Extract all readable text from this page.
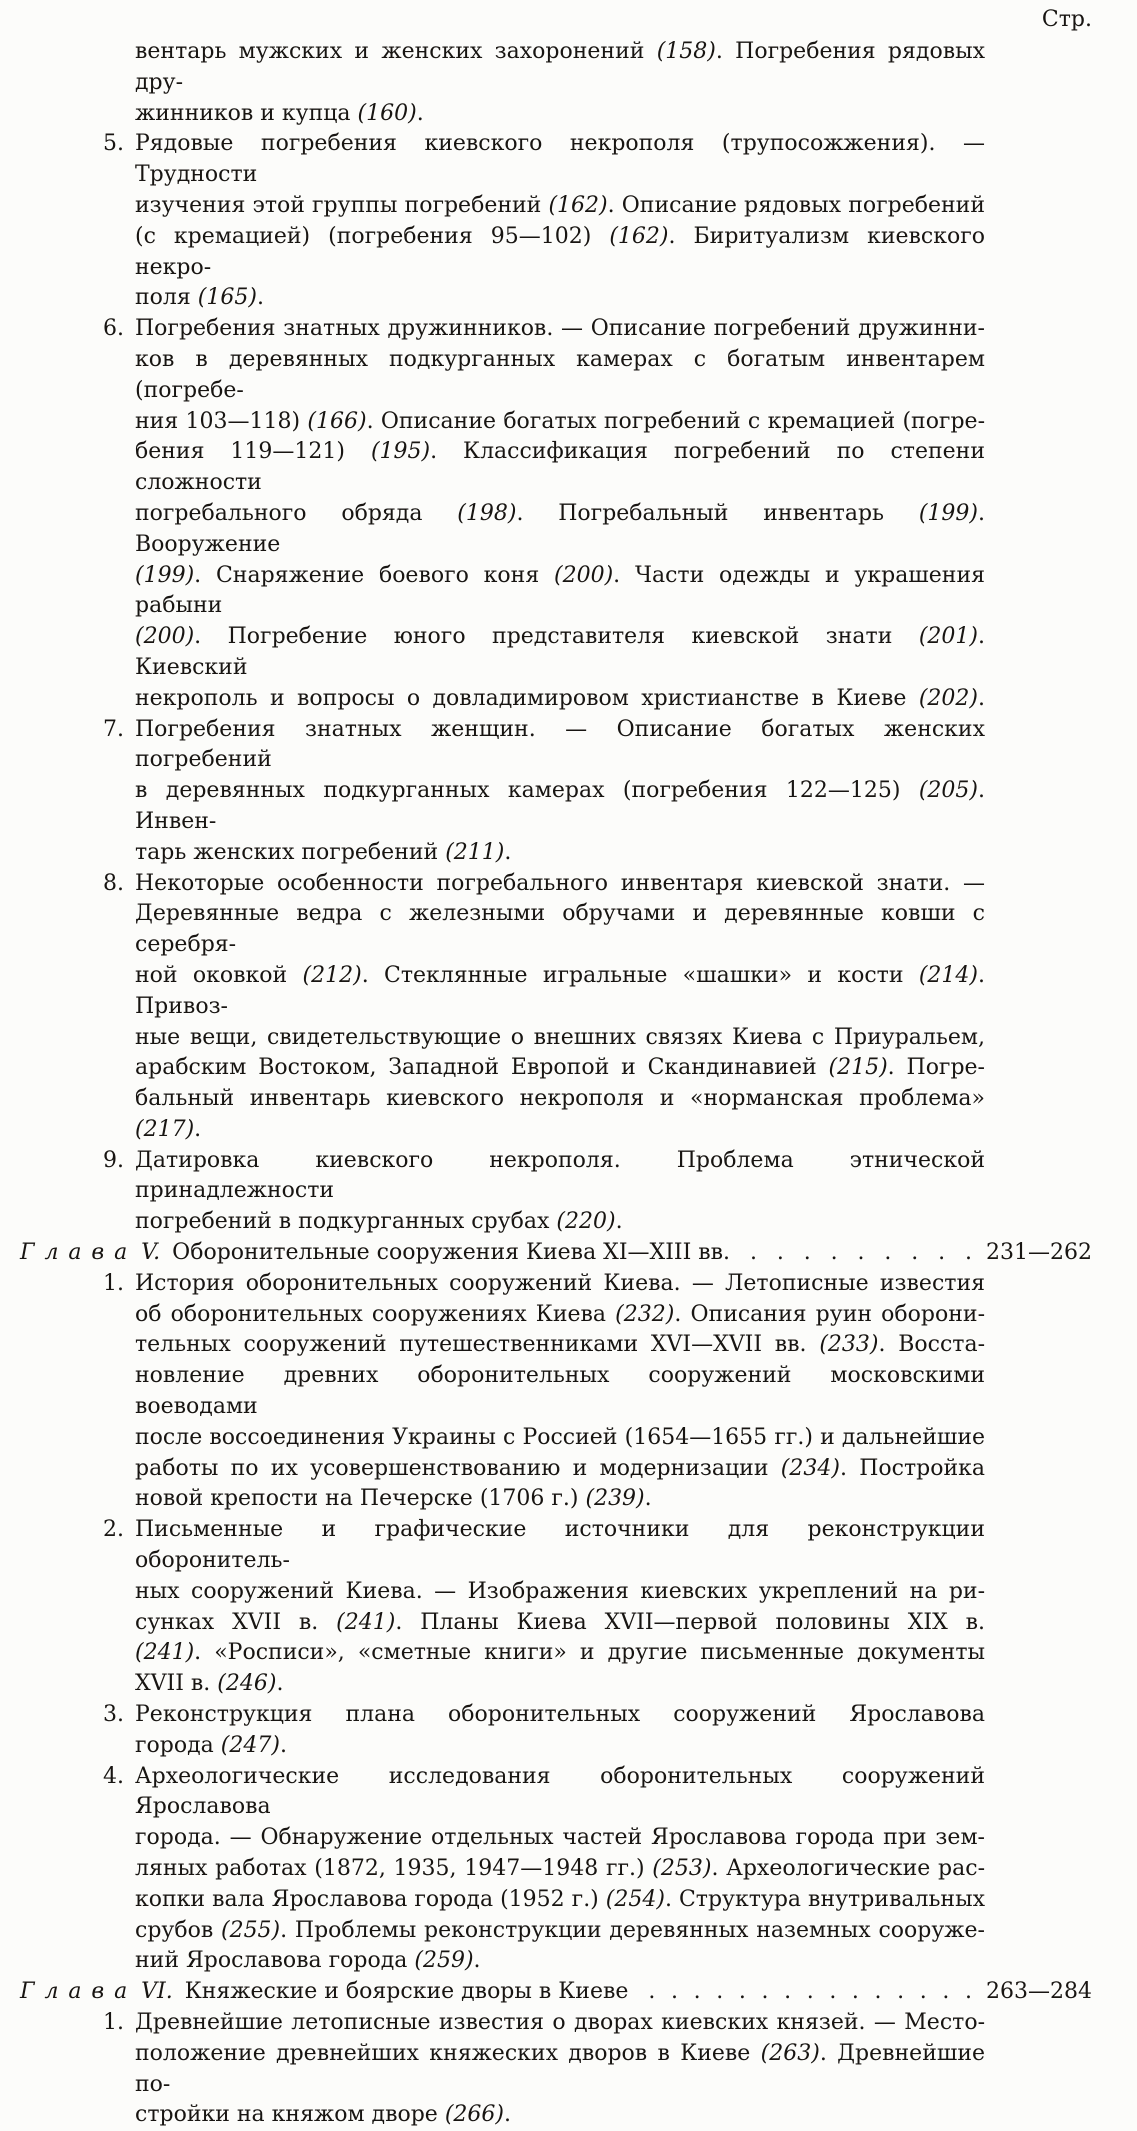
Стр.
вентарь мужских и женских захоронений (158). Погребения рядовых дру-
жинников и купца (160).
5. Рядовые погребения киевского некрополя (трупосожжения). — Трудности
изучения этой группы погребений (162). Описание рядовых погребений
(с кремацией) (погребения 95—102) (162). Биритуализм киевского некро-
поля (165).
6. Погребения знатных дружинников. — Описание погребений дружинни-
ков в деревянных подкурганных камерах с богатым инвентарем (погребе-
ния 103—118) (166). Описание богатых погребений с кремацией (погре-
бения 119—121) (195). Классификация погребений по степени сложности
погребального обряда (198). Погребальный инвентарь (199). Вооружение
(199). Снаряжение боевого коня (200). Части одежды и украшения рабыни
(200). Погребение юного представителя киевской знати (201). Киевский
некрополь и вопросы о довладимировом христианстве в Киеве (202).
7. Погребения знатных женщин. — Описание богатых женских погребений
в деревянных подкурганных камерах (погребения 122—125) (205). Инвен-
тарь женских погребений (211).
8. Некоторые особенности погребального инвентаря киевской знати. —
Деревянные ведра с железными обручами и деревянные ковши с серебря-
ной оковкой (212). Стеклянные игральные «шашки» и кости (214). Привоз-
ные вещи, свидетельствующие о внешних связях Киева с Приуральем,
арабским Востоком, Западной Европой и Скандинавией (215). Погре-
бальный инвентарь киевского некрополя и «норманская проблема» (217).
9. Датировка киевского некрополя. Проблема этнической принадлежности
погребений в подкурганных срубах (220).
Глава V. Оборонительные сооружения Киева XI—XIII вв. . . . . . . . . . 231—262
1. История оборонительных сооружений Киева. — Летописные известия
об оборонительных сооружениях Киева (232). Описания руин оборони-
тельных сооружений путешественниками XVI—XVII вв. (233). Восста-
новление древних оборонительных сооружений московскими воеводами
после воссоединения Украины с Россией (1654—1655 гг.) и дальнейшие
работы по их усовершенствованию и модернизации (234). Постройка
новой крепости на Печерске (1706 г.) (239).
2. Письменные и графические источники для реконструкции оборонитель-
ных сооружений Киева. — Изображения киевских укреплений на ри-
сунках XVII в. (241). Планы Киева XVII—первой половины XIX в.
(241). «Росписи», «сметные книги» и другие письменные документы
XVII в. (246).
3. Реконструкция плана оборонительных сооружений Ярославова
города (247).
4. Археологические исследования оборонительных сооружений Ярославова
города. — Обнаружение отдельных частей Ярославова города при зем-
ляных работах (1872, 1935, 1947—1948 гг.) (253). Археологические рас-
копки вала Ярославова города (1952 г.) (254). Структура внутривальных
срубов (255). Проблемы реконструкции деревянных наземных сооруже-
ний Ярославова города (259).
Глава VI. Княжеские и боярские дворы в Киеве . . . . . . . . . . . . . . . 263—284
1. Древнейшие летописные известия о дворах киевских князей. — Место-
положение древнейших княжеских дворов в Киеве (263). Древнейшие по-
стройки на княжом дворе (266).
